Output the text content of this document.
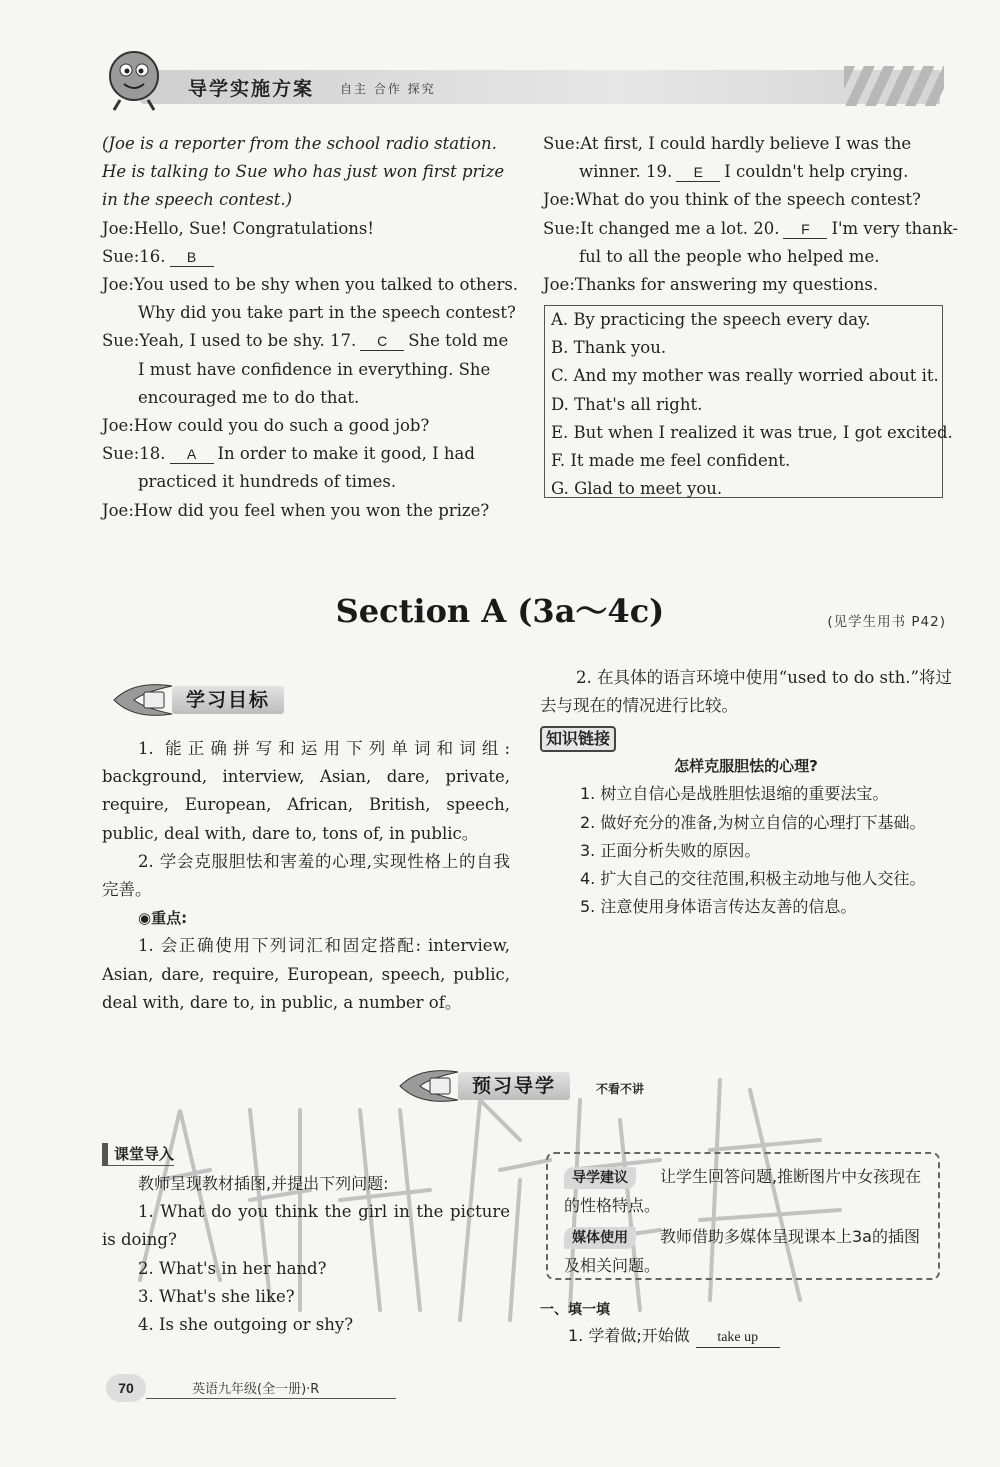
导学实施方案 自主 合作 探究
(Joe is a reporter from the school radio station.
He is talking to Sue who has just won first prize
in the speech contest.)
Joe:Hello, Sue! Congratulations!
Sue:16. B
Joe:You used to be shy when you talked to others.
Why did you take part in the speech contest?
Sue:Yeah, I used to be shy. 17. C She told me
I must have confidence in everything. She
encouraged me to do that.
Joe:How could you do such a good job?
Sue:18. A In order to make it good, I had
practiced it hundreds of times.
Joe:How did you feel when you won the prize?
Sue:At first, I could hardly believe I was the
winner. 19. E I couldn't help crying.
Joe:What do you think of the speech contest?
Sue:It changed me a lot. 20. F I'm very thank-
ful to all the people who helped me.
Joe:Thanks for answering my questions.
A. By practicing the speech every day.
B. Thank you.
C. And my mother was really worried about it.
D. That's all right.
E. But when I realized it was true, I got excited.
F. It made me feel confident.
G. Glad to meet you.
Section A (3a～4c)	(见学生用书 P42)
学习目标
1. 能正确拼写和运用下列单词和词组: background, interview, Asian, dare, private, require, European, African, British, speech, public, deal with, dare to, tons of, in public。
2. 学会克服胆怯和害羞的心理,实现性格上的自我完善。
◉重点:
1. 会正确使用下列词汇和固定搭配: interview, Asian, dare, require, European, speech, public, deal with, dare to, in public, a number of。
2. 在具体的语言环境中使用“used to do sth.”将过去与现在的情况进行比较。
知识链接
怎样克服胆怯的心理?
1. 树立自信心是战胜胆怯退缩的重要法宝。
2. 做好充分的准备,为树立自信的心理打下基础。
3. 正面分析失败的原因。
4. 扩大自己的交往范围,积极主动地与他人交往。
5. 注意使用身体语言传达友善的信息。
预习导学	不看不讲
课堂导入
教师呈现教材插图,并提出下列问题:
1. What do you think the girl in the picture is doing?
2. What's in her hand?
3. What's she like?
4. Is she outgoing or shy?
导学建议 让学生回答问题,推断图片中女孩现在的性格特点。
媒体使用 教师借助多媒体呈现课本上3a的插图及相关问题。
一、填一填
1. 学着做;开始做 take up
70	英语九年级(全一册)·R
